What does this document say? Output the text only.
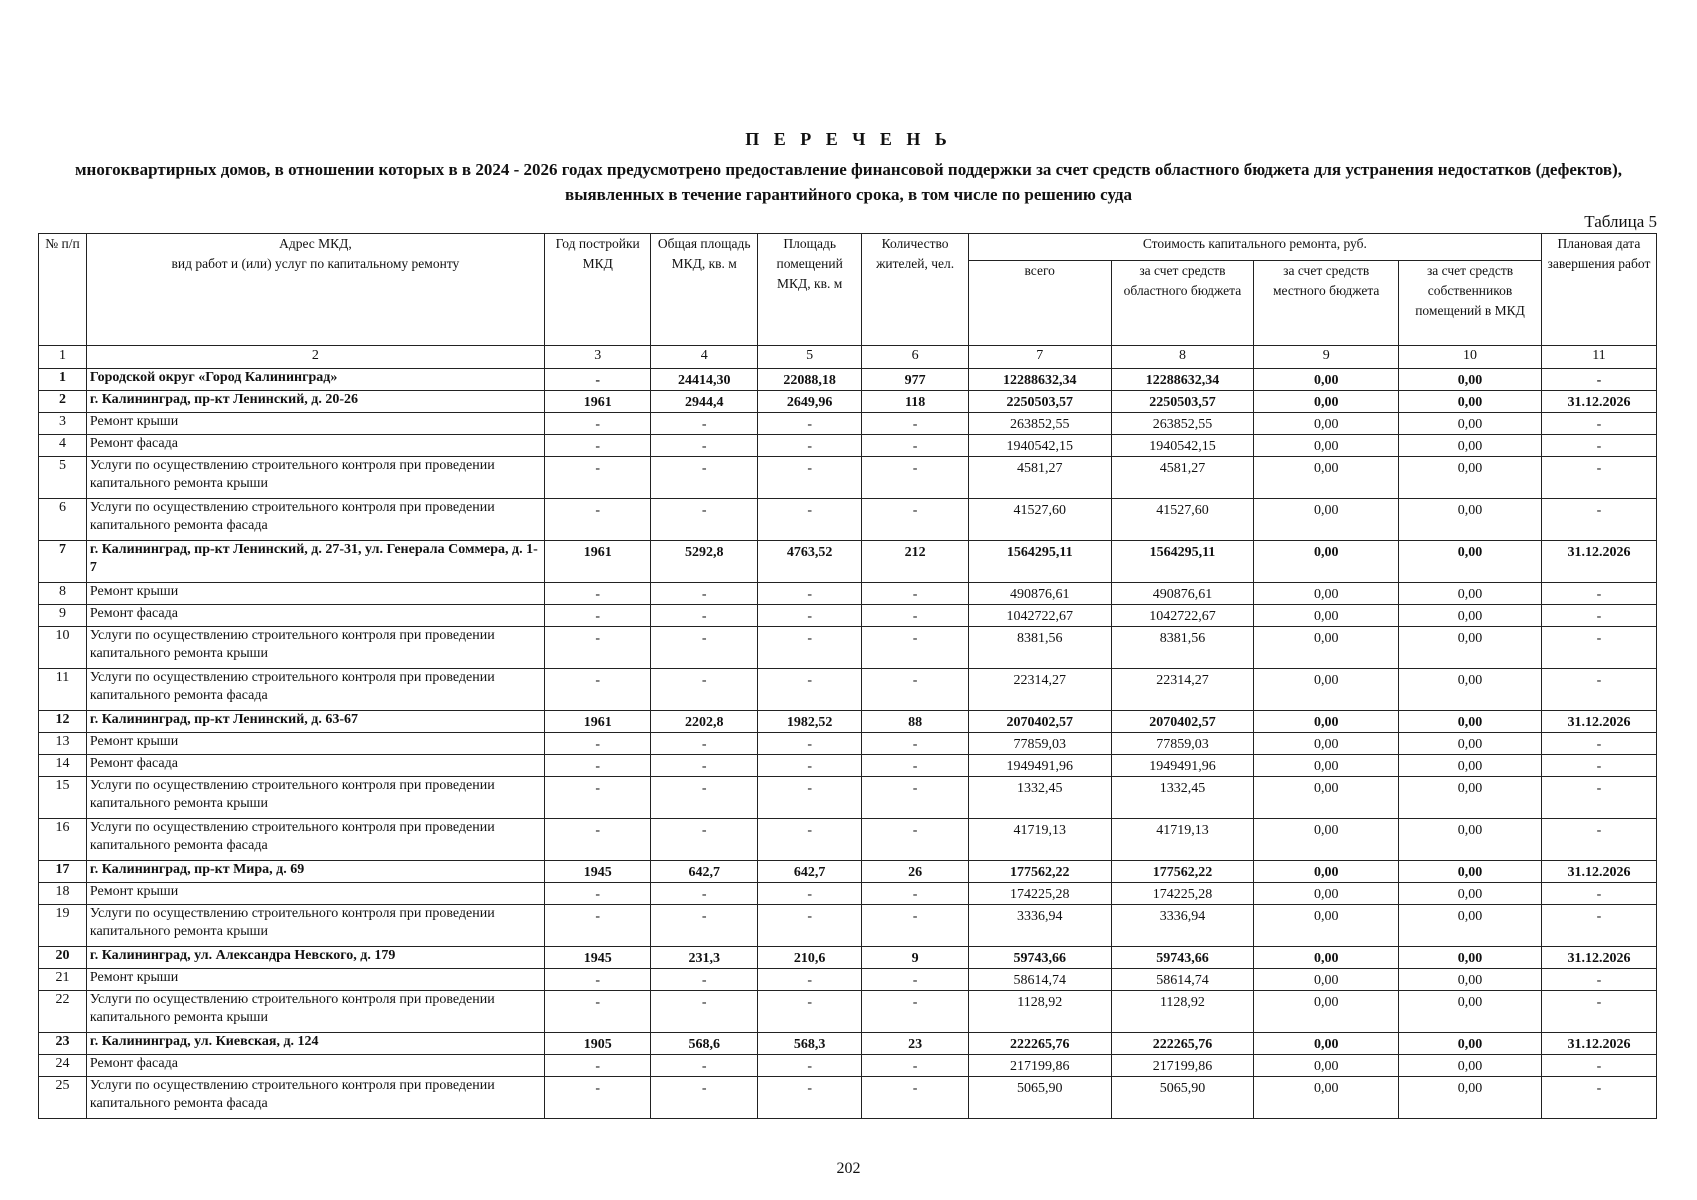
П Е Р Е Ч Е Н Ь
многоквартирных домов, в отношении которых в в 2024 - 2026 годах предусмотрено предоставление финансовой поддержки за счет средств областного бюджета для устранения недостатков (дефектов), выявленных в течение гарантийного срока, в том числе по решению суда
Таблица 5
№ п/п	Адрес МКД,
вид работ и (или) услуг по капитальному ремонту	Год постройки МКД	Общая площадь МКД, кв. м	Площадь помещений МКД, кв. м	Количество жителей, чел.	Стоимость капитального ремонта, руб.				Плановая дата завершения работ
						всего	за счет средств областного бюджета	за счет средств местного бюджета	за счет средств собственников помещений в МКД	
1	2	3	4	5	6	7	8	9	10	11
1	Городской округ «Город Калининград»	-	24414,30	22088,18	977	12288632,34	12288632,34	0,00	0,00	-
2	г. Калининград, пр-кт Ленинский, д. 20-26	1961	2944,4	2649,96	118	2250503,57	2250503,57	0,00	0,00	31.12.2026
3	Ремонт крыши	-	-	-	-	263852,55	263852,55	0,00	0,00	-
4	Ремонт фасада	-	-	-	-	1940542,15	1940542,15	0,00	0,00	-
5	Услуги по осуществлению строительного контроля при проведении капитального ремонта крыши	-	-	-	-	4581,27	4581,27	0,00	0,00	-
6	Услуги по осуществлению строительного контроля при проведении капитального ремонта фасада	-	-	-	-	41527,60	41527,60	0,00	0,00	-
7	г. Калининград, пр-кт Ленинский, д. 27-31, ул. Генерала Соммера, д. 1-7	1961	5292,8	4763,52	212	1564295,11	1564295,11	0,00	0,00	31.12.2026
8	Ремонт крыши	-	-	-	-	490876,61	490876,61	0,00	0,00	-
9	Ремонт фасада	-	-	-	-	1042722,67	1042722,67	0,00	0,00	-
10	Услуги по осуществлению строительного контроля при проведении капитального ремонта крыши	-	-	-	-	8381,56	8381,56	0,00	0,00	-
11	Услуги по осуществлению строительного контроля при проведении капитального ремонта фасада	-	-	-	-	22314,27	22314,27	0,00	0,00	-
12	г. Калининград, пр-кт Ленинский, д. 63-67	1961	2202,8	1982,52	88	2070402,57	2070402,57	0,00	0,00	31.12.2026
13	Ремонт крыши	-	-	-	-	77859,03	77859,03	0,00	0,00	-
14	Ремонт фасада	-	-	-	-	1949491,96	1949491,96	0,00	0,00	-
15	Услуги по осуществлению строительного контроля при проведении капитального ремонта крыши	-	-	-	-	1332,45	1332,45	0,00	0,00	-
16	Услуги по осуществлению строительного контроля при проведении капитального ремонта фасада	-	-	-	-	41719,13	41719,13	0,00	0,00	-
17	г. Калининград, пр-кт Мира, д. 69	1945	642,7	642,7	26	177562,22	177562,22	0,00	0,00	31.12.2026
18	Ремонт крыши	-	-	-	-	174225,28	174225,28	0,00	0,00	-
19	Услуги по осуществлению строительного контроля при проведении капитального ремонта крыши	-	-	-	-	3336,94	3336,94	0,00	0,00	-
20	г. Калининград, ул. Александра Невского, д. 179	1945	231,3	210,6	9	59743,66	59743,66	0,00	0,00	31.12.2026
21	Ремонт крыши	-	-	-	-	58614,74	58614,74	0,00	0,00	-
22	Услуги по осуществлению строительного контроля при проведении капитального ремонта крыши	-	-	-	-	1128,92	1128,92	0,00	0,00	-
23	г. Калининград, ул. Киевская, д. 124	1905	568,6	568,3	23	222265,76	222265,76	0,00	0,00	31.12.2026
24	Ремонт фасада	-	-	-	-	217199,86	217199,86	0,00	0,00	-
25	Услуги по осуществлению строительного контроля при проведении капитального ремонта фасада	-	-	-	-	5065,90	5065,90	0,00	0,00	-
202
